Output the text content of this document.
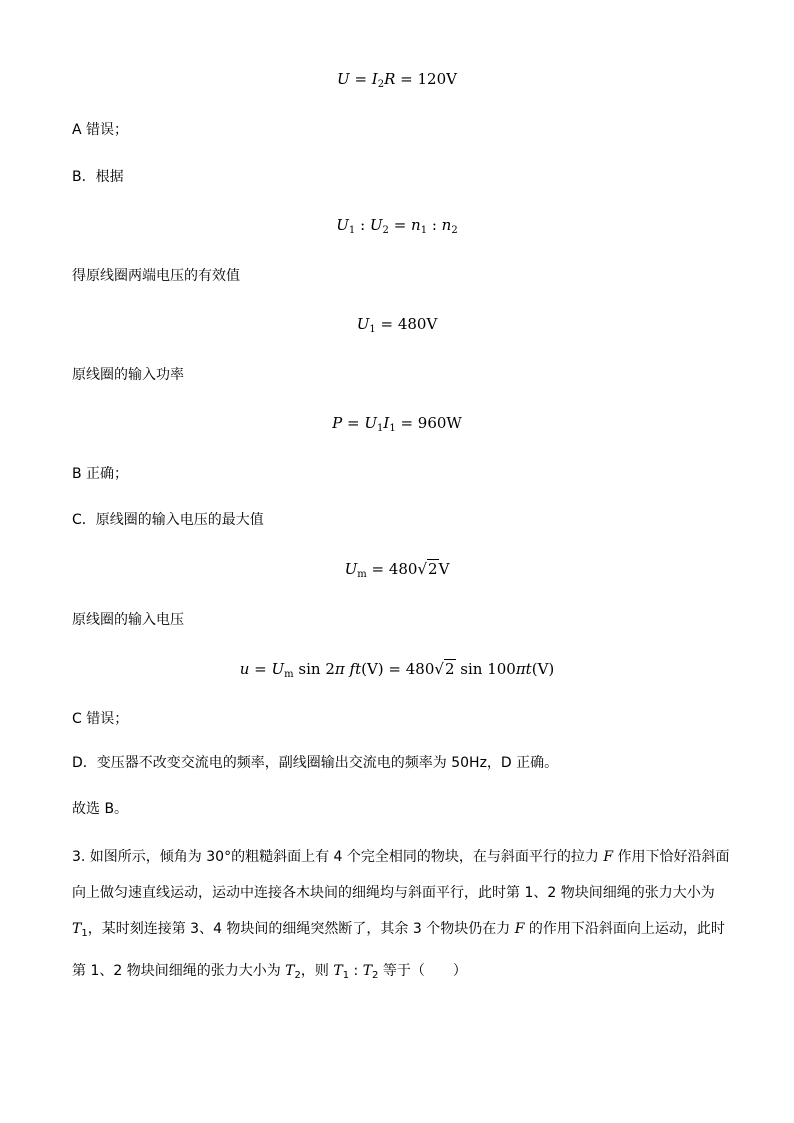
$U = I_2R = 120V$
A 错误；
B．根据
$U_1$ : $U_2 = n_1$ : $n_2$
得原线圈两端电压的有效值
$U_1 = 480V$
原线圈的输入功率
$P = U_1I_1 = 960W$
B 正确；
C．原线圈的输入电压的最大值
$U_m = 480√2V$
原线圈的输入电压
$u = U_m$ sin 2π ft(V) = 480√2 sin 100πt(V)
C 错误；
D．变压器不改变交流电的频率，副线圈输出交流电的频率为 50Hz，D 正确。
故选 B。
3. 如图所示，倾角为 30°的粗糙斜面上有 4 个完全相同的物块，在与斜面平行的拉力 F 作用下恰好沿斜面
向上做匀速直线运动，运动中连接各木块间的细绳均与斜面平行，此时第 1、2 物块间细绳的张力大小为
$T_1$，某时刻连接第 3、4 物块间的细绳突然断了，其余 3 个物块仍在力 F 的作用下沿斜面向上运动，此时
第 1、2 物块间细绳的张力大小为 $T_2$，则 $T_1$ : $T_2$ 等于（　　）
